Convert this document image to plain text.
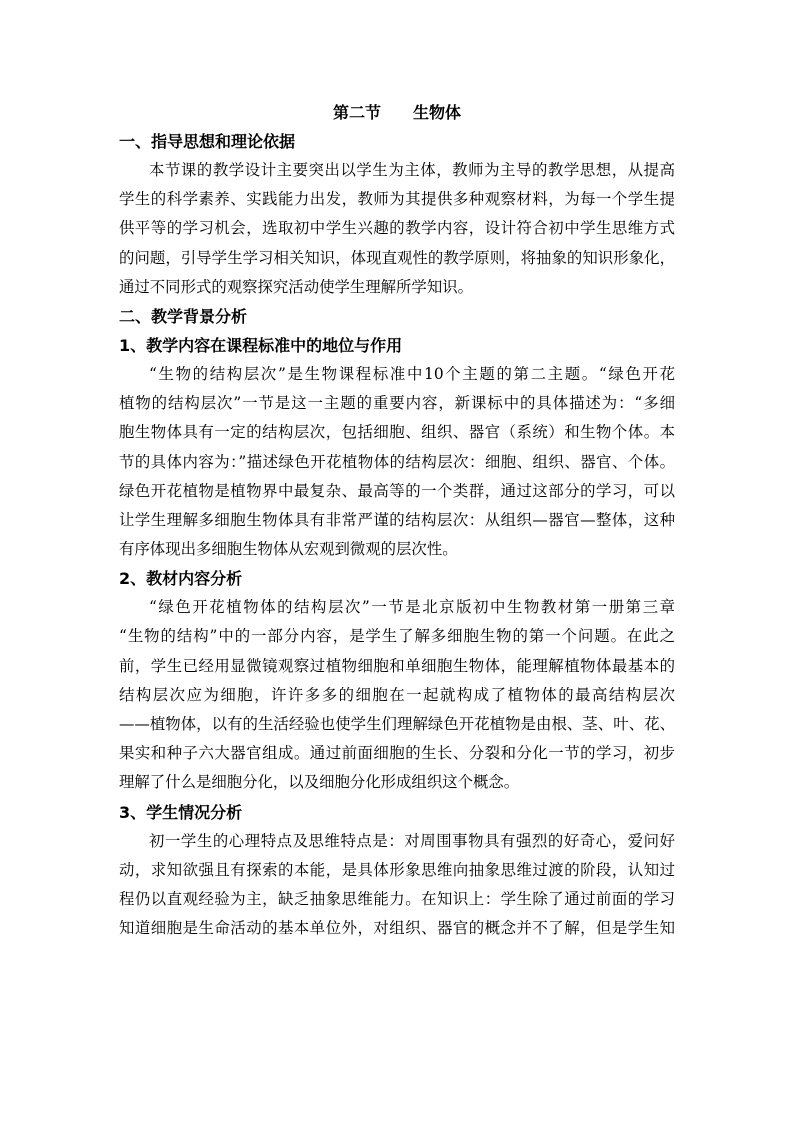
第二节　　生物体
一、指导思想和理论依据
本节课的教学设计主要突出以学生为主体，教师为主导的教学思想，从提高
学生的科学素养、实践能力出发，教师为其提供多种观察材料，为每一个学生提
供平等的学习机会，选取初中学生兴趣的教学内容，设计符合初中学生思维方式
的问题，引导学生学习相关知识，体现直观性的教学原则，将抽象的知识形象化，
通过不同形式的观察探究活动使学生理解所学知识。
二、教学背景分析
1、教学内容在课程标准中的地位与作用
“生物的结构层次”是生物课程标准中10个主题的第二主题。“绿色开花
植物的结构层次”一节是这一主题的重要内容，新课标中的具体描述为：“多细
胞生物体具有一定的结构层次，包括细胞、组织、器官（系统）和生物个体。本
节的具体内容为：”描述绿色开花植物体的结构层次：细胞、组织、器官、个体。
绿色开花植物是植物界中最复杂、最高等的一个类群，通过这部分的学习，可以
让学生理解多细胞生物体具有非常严谨的结构层次：从组织—器官—整体，这种
有序体现出多细胞生物体从宏观到微观的层次性。
2、教材内容分析
“绿色开花植物体的结构层次”一节是北京版初中生物教材第一册第三章
“生物的结构”中的一部分内容，是学生了解多细胞生物的第一个问题。在此之
前，学生已经用显微镜观察过植物细胞和单细胞生物体，能理解植物体最基本的
结构层次应为细胞，许许多多的细胞在一起就构成了植物体的最高结构层次
——植物体，以有的生活经验也使学生们理解绿色开花植物是由根、茎、叶、花、
果实和种子六大器官组成。通过前面细胞的生长、分裂和分化一节的学习，初步
理解了什么是细胞分化，以及细胞分化形成组织这个概念。
3、学生情况分析
初一学生的心理特点及思维特点是：对周围事物具有强烈的好奇心，爱问好
动，求知欲强且有探索的本能，是具体形象思维向抽象思维过渡的阶段，认知过
程仍以直观经验为主，缺乏抽象思维能力。在知识上：学生除了通过前面的学习
知道细胞是生命活动的基本单位外，对组织、器官的概念并不了解，但是学生知
